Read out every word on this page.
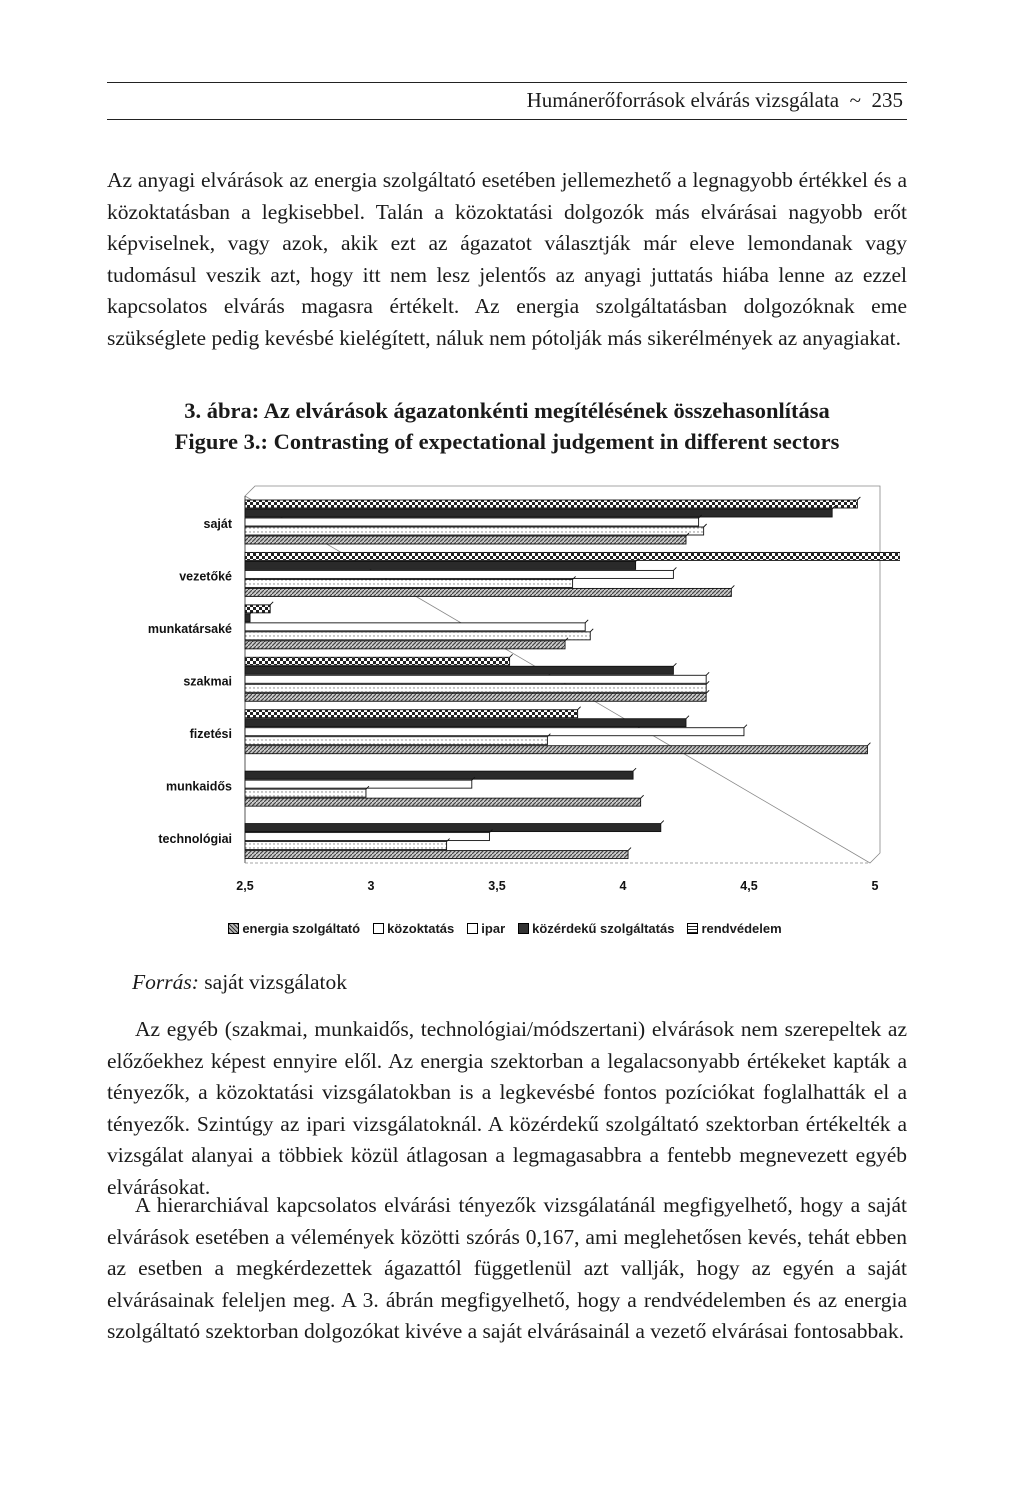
Humánerőforrások elvárás vizsgálata ~ 235
Az anyagi elvárások az energia szolgáltató esetében jellemezhető a legnagyobb értékkel és a közoktatásban a legkisebbel. Talán a közoktatási dolgozók más elvárásai nagyobb erőt képviselnek, vagy azok, akik ezt az ágazatot választják már eleve lemondanak vagy tudomásul veszik azt, hogy itt nem lesz jelentős az anyagi juttatás hiába lenne az ezzel kapcsolatos elvárás magasra értékelt. Az energia szolgáltatásban dolgozóknak eme szükséglete pedig kevésbé kielégített, náluk nem pótolják más sikerélmények az anyagiakat.
3. ábra: Az elvárások ágazatonkénti megítélésének összehasonlítása
Figure 3.: Contrasting of expectational judgement in different sectors
saját
vezetőké
munkatársaké
szakmai
fizetési
munkaidős
technológiai
2,5	3	3,5	4	4,5	5
energia szolgáltató közoktatás ipar közérdekű szolgáltatás rendvédelem
Forrás: saját vizsgálatok
Az egyéb (szakmai, munkaidős, technológiai/módszertani) elvárások nem szerepeltek az előzőekhez képest ennyire elől. Az energia szektorban a legalacsonyabb értékeket kapták a tényezők, a közoktatási vizsgálatokban is a legkevésbé fontos pozíciókat foglalhatták el a tényezők. Szintúgy az ipari vizsgálatoknál. A közérdekű szolgáltató szektorban értékelték a vizsgálat alanyai a többiek közül átlagosan a legmagasabbra a fentebb megnevezett egyéb elvárásokat.
A hierarchiával kapcsolatos elvárási tényezők vizsgálatánál megfigyelhető, hogy a saját elvárások esetében a vélemények közötti szórás 0,167, ami meglehetősen kevés, tehát ebben az esetben a megkérdezettek ágazattól függetlenül azt vallják, hogy az egyén a saját elvárásainak feleljen meg. A 3. ábrán megfigyelhető, hogy a rendvédelemben és az energia szolgáltató szektorban dolgozókat kivéve a saját elvárásainál a vezető elvárásai fontosabbak.
